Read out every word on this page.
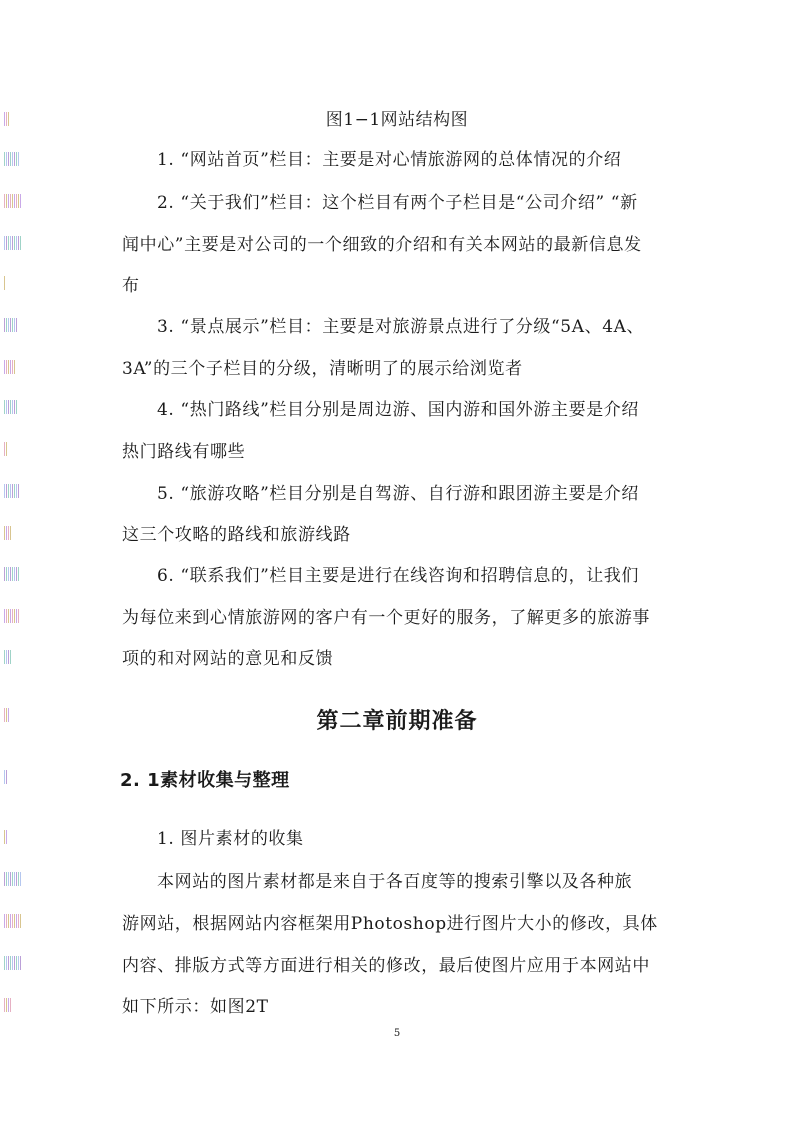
图1−1网站结构图
1. “网站首页”栏目：主要是对心情旅游网的总体情况的介绍
2. “关于我们”栏目：这个栏目有两个子栏目是“公司介绍” “新
闻中心”主要是对公司的一个细致的介绍和有关本网站的最新信息发
布
3. “景点展示”栏目：主要是对旅游景点进行了分级“5A、4A、
3A”的三个子栏目的分级，清晰明了的展示给浏览者
4. “热门路线”栏目分别是周边游、国内游和国外游主要是介绍
热门路线有哪些
5. “旅游攻略”栏目分别是自驾游、自行游和跟团游主要是介绍
这三个攻略的路线和旅游线路
6. “联系我们”栏目主要是进行在线咨询和招聘信息的，让我们
为每位来到心情旅游网的客户有一个更好的服务，了解更多的旅游事
项的和对网站的意见和反馈
第二章前期准备
2. 1素材收集与整理
1. 图片素材的收集
本网站的图片素材都是来自于各百度等的搜索引擎以及各种旅
游网站，根据网站内容框架用Photoshop进行图片大小的修改，具体
内容、排版方式等方面进行相关的修改，最后使图片应用于本网站中
如下所示：如图2T
5
